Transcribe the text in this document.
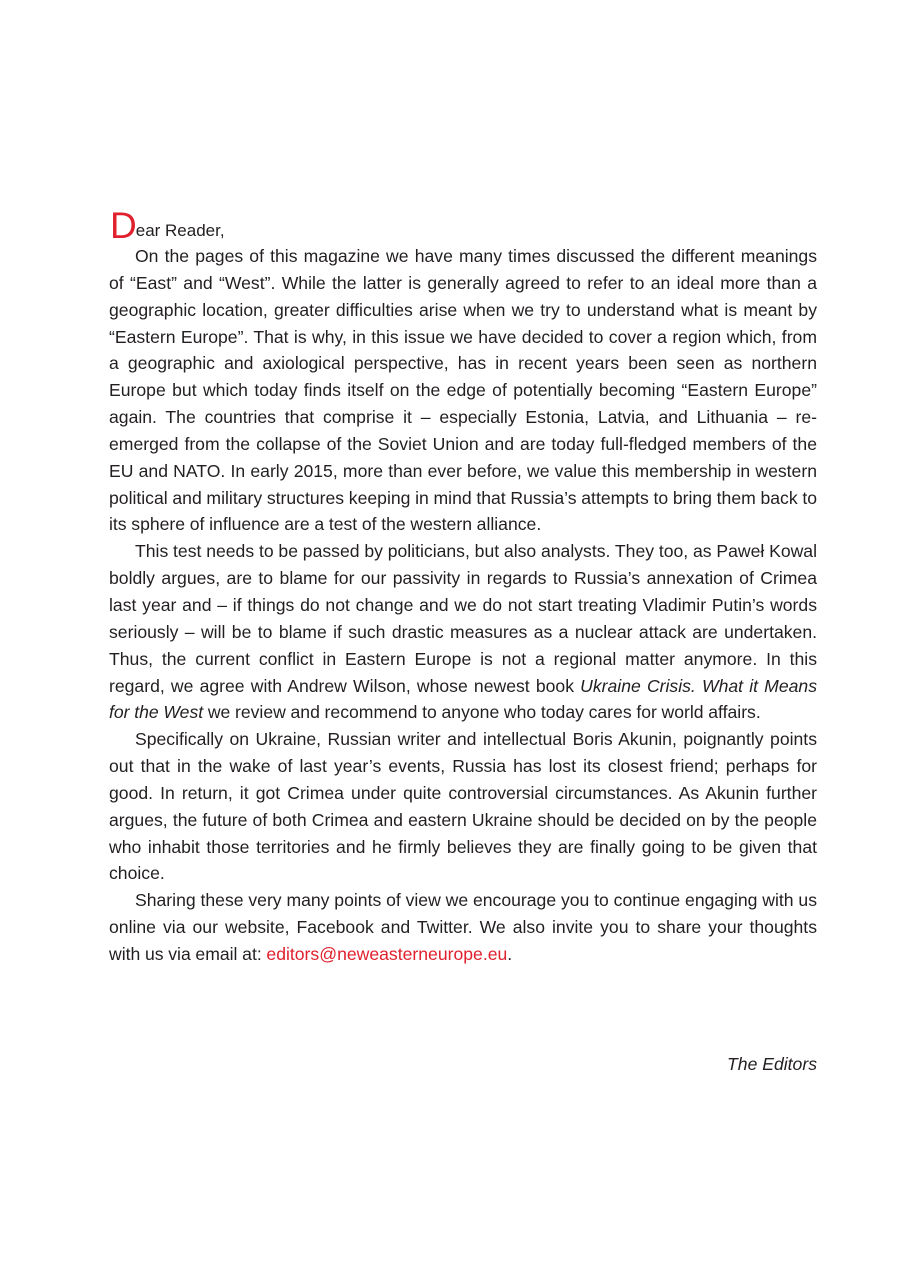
Dear Reader,

On the pages of this magazine we have many times discussed the different meanings of “East” and “West”. While the latter is generally agreed to refer to an ideal more than a geographic location, greater difficulties arise when we try to understand what is meant by “Eastern Europe”. That is why, in this issue we have decided to cover a region which, from a geographic and axiological perspective, has in recent years been seen as northern Europe but which today finds itself on the edge of potentially becoming “Eastern Europe” again. The countries that comprise it – especially Estonia, Latvia, and Lithuania – re-emerged from the collapse of the Soviet Union and are today full-fledged members of the EU and NATO. In early 2015, more than ever before, we value this membership in western political and military structures keeping in mind that Russia’s attempts to bring them back to its sphere of influence are a test of the western alliance.

This test needs to be passed by politicians, but also analysts. They too, as Paweł Kowal boldly argues, are to blame for our passivity in regards to Russia’s annexation of Crimea last year and – if things do not change and we do not start treating Vladimir Putin’s words seriously – will be to blame if such drastic measures as a nuclear attack are undertaken. Thus, the current conflict in Eastern Europe is not a regional matter anymore. In this regard, we agree with Andrew Wilson, whose newest book Ukraine Crisis. What it Means for the West we review and recommend to anyone who today cares for world affairs.

Specifically on Ukraine, Russian writer and intellectual Boris Akunin, poignantly points out that in the wake of last year’s events, Russia has lost its closest friend; perhaps for good. In return, it got Crimea under quite controversial circumstances. As Akunin further argues, the future of both Crimea and eastern Ukraine should be decided on by the people who inhabit those territories and he firmly believes they are finally going to be given that choice.

Sharing these very many points of view we encourage you to continue engaging with us online via our website, Facebook and Twitter. We also invite you to share your thoughts with us via email at: editors@neweasterneurope.eu.

The Editors
